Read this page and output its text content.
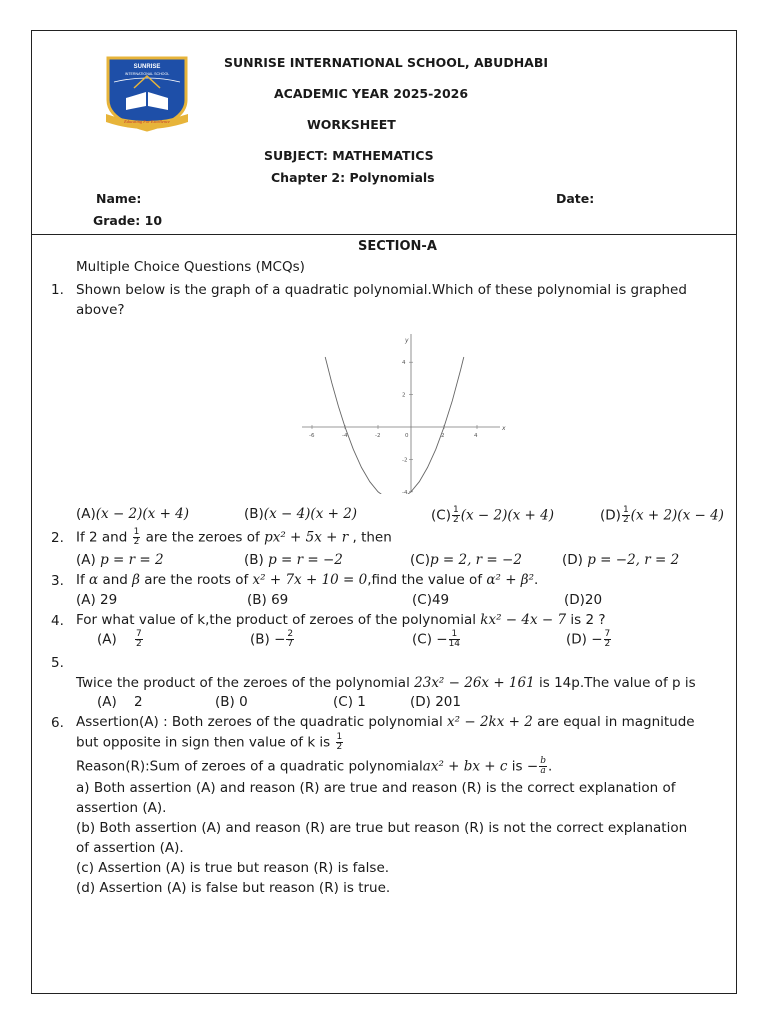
SUNRISE
INTERNATIONAL SCHOOL
Educating For Excellence
SUNRISE INTERNATIONAL SCHOOL, ABUDHABI
ACADEMIC YEAR 2025-2026
WORKSHEET
SUBJECT: MATHEMATICS
Chapter 2: Polynomials
Name:	Date:
Grade: 10
SECTION-A
Multiple Choice Questions (MCQs)
1. Shown below is the graph of a quadratic polynomial.Which of these polynomial is graphed
above?
x
y
-6	-4	-2	0	2	4
4
2
-2
-4
(A)(x − 2)(x + 4)	(B)(x − 4)(x + 2)	$(C) \frac{1}{2} (x - 2)(x + 4)$	$(D) \frac{1}{2} (x + 2)(x - 4)$
2. If 2 and $\frac{1}{2}$ are the zeroes of px² + 5x + r , then
(A) p = r = 2	(B) p = r = −2	(C)p = 2, r = −2	(D) p = −2, r = 2
3. If α and β are the roots of x² + 7x + 10 = 0,find the value of α² + β².
(A) 29	(B) 69	(C)49	(D)20
4. For what value of k,the product of zeroes of the polynomial kx² − 4x − 7 is 2 ?
$(A) \frac{7}{2}$	$(B) - \frac{2}{7}$	$(C) - \frac{1}{14}$	$(D) - \frac{7}{2}$
5.
Twice the product of the zeroes of the polynomial 23x² − 26x + 161 is 14p.The value of p is
(A) 2	(B) 0	(C) 1	(D) 201
6. Assertion(A) : Both zeroes of the quadratic polynomial x² − 2kx + 2 are equal in magnitude
but opposite in sign then value of k is $\frac{1}{2}$
Reason(R):Sum of zeroes of a quadratic polynomialax² + bx + c is − $\frac{b}{a}$ .
a) Both assertion (A) and reason (R) are true and reason (R) is the correct explanation of
assertion (A).
(b) Both assertion (A) and reason (R) are true but reason (R) is not the correct explanation
of assertion (A).
(c) Assertion (A) is true but reason (R) is false.
(d) Assertion (A) is false but reason (R) is true.
